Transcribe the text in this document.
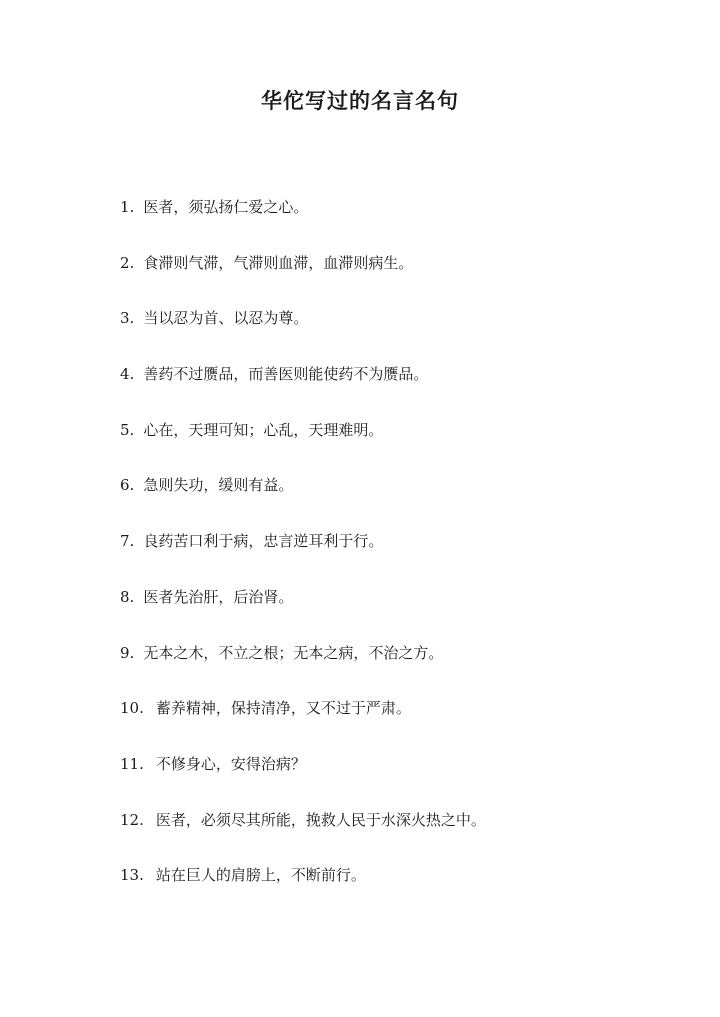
华佗写过的名言名句
1. 医者，须弘扬仁爱之心。
2. 食滞则气滞，气滞则血滞，血滞则病生。
3. 当以忍为首、以忍为尊。
4. 善药不过赝品，而善医则能使药不为赝品。
5. 心在，天理可知；心乱，天理难明。
6. 急则失功，缓则有益。
7. 良药苦口利于病，忠言逆耳利于行。
8. 医者先治肝，后治肾。
9. 无本之木，不立之根；无本之病，不治之方。
10. 蓄养精神，保持清净，又不过于严肃。
11. 不修身心，安得治病？
12. 医者，必须尽其所能，挽救人民于水深火热之中。
13. 站在巨人的肩膀上，不断前行。
